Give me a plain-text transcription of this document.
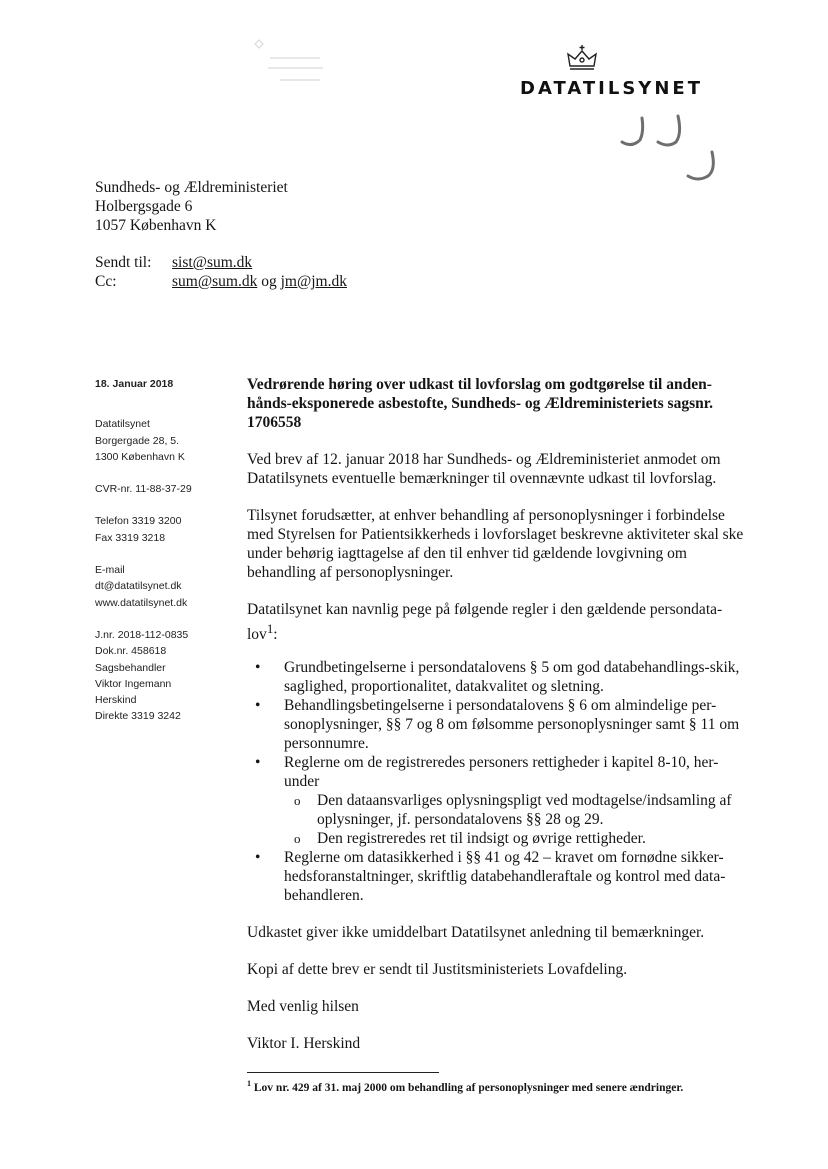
DATATILSYNET
Sundheds- og Ældreministeriet
Holbergsgade 6
1057 København K
Sendt til: sist@sum.dk
Cc:	sum@sum.dk og jm@jm.dk
18. Januar 2018
Datatilsynet
Borgergade 28, 5.
1300 København K
CVR-nr. 11-88-37-29
Telefon 3319 3200
Fax 3319 3218
E-mail
dt@datatilsynet.dk
www.datatilsynet.dk
J.nr. 2018-112-0835
Dok.nr. 458618
Sagsbehandler
Viktor Ingemann
Herskind
Direkte 3319 3242
Vedrørende høring over udkast til lovforslag om godtgørelse til anden-hånds-eksponerede asbestofte, Sundheds- og Ældreministeriets sagsnr. 1706558

Ved brev af 12. januar 2018 har Sundheds- og Ældreministeriet anmodet om Datatilsynets eventuelle bemærkninger til ovennævnte udkast til lovforslag.

Tilsynet forudsætter, at enhver behandling af personoplysninger i forbindelse med Styrelsen for Patientsikkerheds i lovforslaget beskrevne aktiviteter skal ske under behørig iagttagelse af den til enhver tid gældende lovgivning om behandling af personoplysninger.

Datatilsynet kan navnlig pege på følgende regler i den gældende persondata-lov$^1$:

• Grundbetingelserne i persondatalovens § 5 om god databehandlings-skik, saglighed, proportionalitet, datakvalitet og sletning.
• Behandlingsbetingelserne i persondatalovens § 6 om almindelige per-sonoplysninger, §§ 7 og 8 om følsomme personoplysninger samt § 11 om personnumre.
• Reglerne om de registreredes personers rettigheder i kapitel 8-10, her-under
o Den dataansvarliges oplysningspligt ved modtagelse/indsamling af oplysninger, jf. persondatalovens §§ 28 og 29.
o Den registreredes ret til indsigt og øvrige rettigheder.
• Reglerne om datasikkerhed i §§ 41 og 42 – kravet om fornødne sikker-hedsforanstaltninger, skriftlig databehandleraftale og kontrol med data-behandleren.

Udkastet giver ikke umiddelbart Datatilsynet anledning til bemærkninger.

Kopi af dette brev er sendt til Justitsministeriets Lovafdeling.

Med venlig hilsen

Viktor I. Herskind

$^1$ Lov nr. 429 af 31. maj 2000 om behandling af personoplysninger med senere ændringer.
